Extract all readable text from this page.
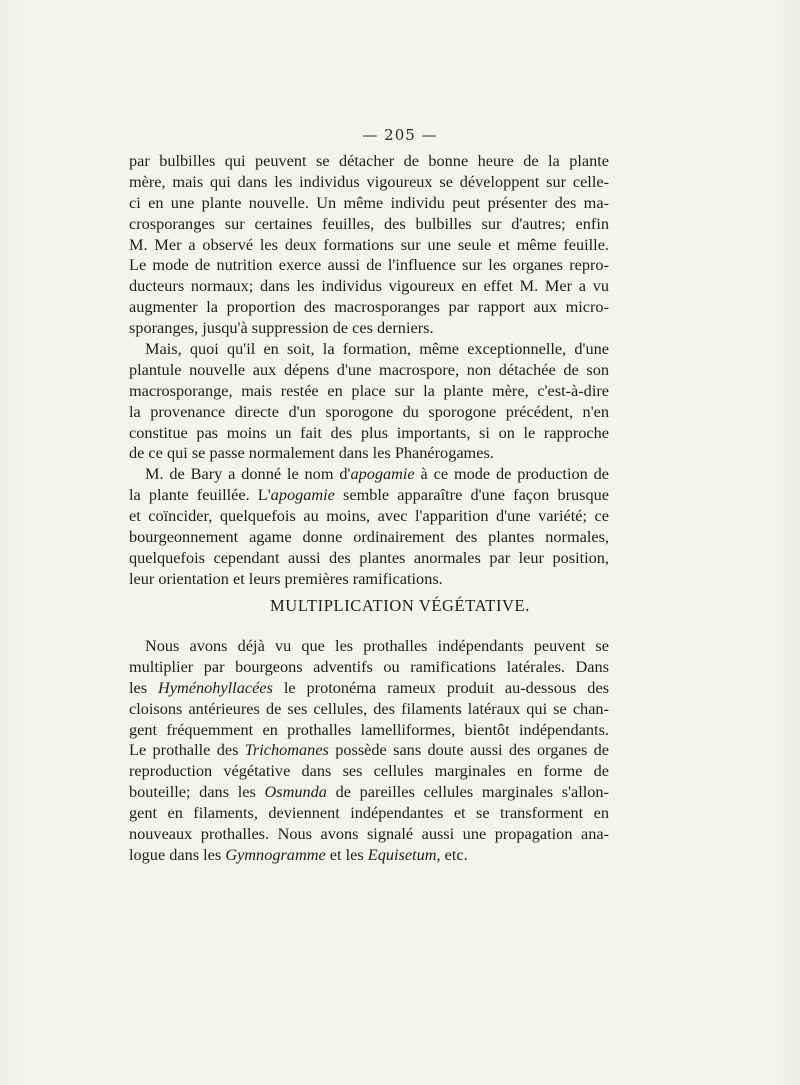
— 205 —
par bulbilles qui peuvent se détacher de bonne heure de la plante
mère, mais qui dans les individus vigoureux se développent sur celle-
ci en une plante nouvelle. Un même individu peut présenter des ma-
crosporanges sur certaines feuilles, des bulbilles sur d'autres; enfin
M. Mer a observé les deux formations sur une seule et même feuille.
Le mode de nutrition exerce aussi de l'influence sur les organes repro-
ducteurs normaux; dans les individus vigoureux en effet M. Mer a vu
augmenter la proportion des macrosporanges par rapport aux micro-
sporanges, jusqu'à suppression de ces derniers.
Mais, quoi qu'il en soit, la formation, même exceptionnelle, d'une
plantule nouvelle aux dépens d'une macrospore, non détachée de son
macrosporange, mais restée en place sur la plante mère, c'est-à-dire
la provenance directe d'un sporogone du sporogone précédent, n'en
constitue pas moins un fait des plus importants, si on le rapproche
de ce qui se passe normalement dans les Phanérogames.
M. de Bary a donné le nom d'apogamie à ce mode de production de
la plante feuillée. L'apogamie semble apparaître d'une façon brusque
et coïncider, quelquefois au moins, avec l'apparition d'une variété; ce
bourgeonnement agame donne ordinairement des plantes normales,
quelquefois cependant aussi des plantes anormales par leur position,
leur orientation et leurs premières ramifications.
MULTIPLICATION VÉGÉTATIVE.
Nous avons déjà vu que les prothalles indépendants peuvent se
multiplier par bourgeons adventifs ou ramifications latérales. Dans
les Hyménohyllacées le protonéma rameux produit au-dessous des
cloisons antérieures de ses cellules, des filaments latéraux qui se chan-
gent fréquemment en prothalles lamelliformes, bientôt indépendants.
Le prothalle des Trichomanes possède sans doute aussi des organes de
reproduction végétative dans ses cellules marginales en forme de
bouteille; dans les Osmunda de pareilles cellules marginales s'allon-
gent en filaments, deviennent indépendantes et se transforment en
nouveaux prothalles. Nous avons signalé aussi une propagation ana-
logue dans les Gymnogramme et les Equisetum, etc.
